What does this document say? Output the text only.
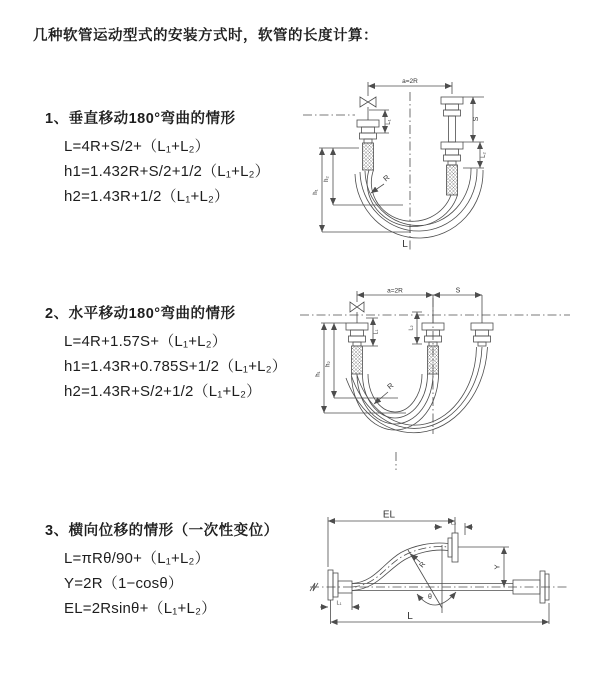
几种软管运动型式的安装方式时，软管的长度计算：
1、垂直移动180°弯曲的情形
L=4R+S/2+（L₁+L₂）
h1=1.432R+S/2+1/2（L₁+L₂）
h2=1.43R+1/2（L₁+L₂）
a=2R
L₁
S
L₂
h₁
h₂	R
L
2、水平移动180°弯曲的情形
L=4R+1.57S+（L₁+L₂）
h1=1.43R+0.785S+1/2（L₁+L₂）
h2=1.43R+S/2+1/2（L₁+L₂）
a=2R	S
L₁
L₂
h₁
h₂
R
3、横向位移的情形（一次性变位）
L=πRθ/90+（L₁+L₂）
Y=2R（1−cosθ）
EL=2Rsinθ+（L₁+L₂）
EL
L₂
Y
R
θ
L
L₁
